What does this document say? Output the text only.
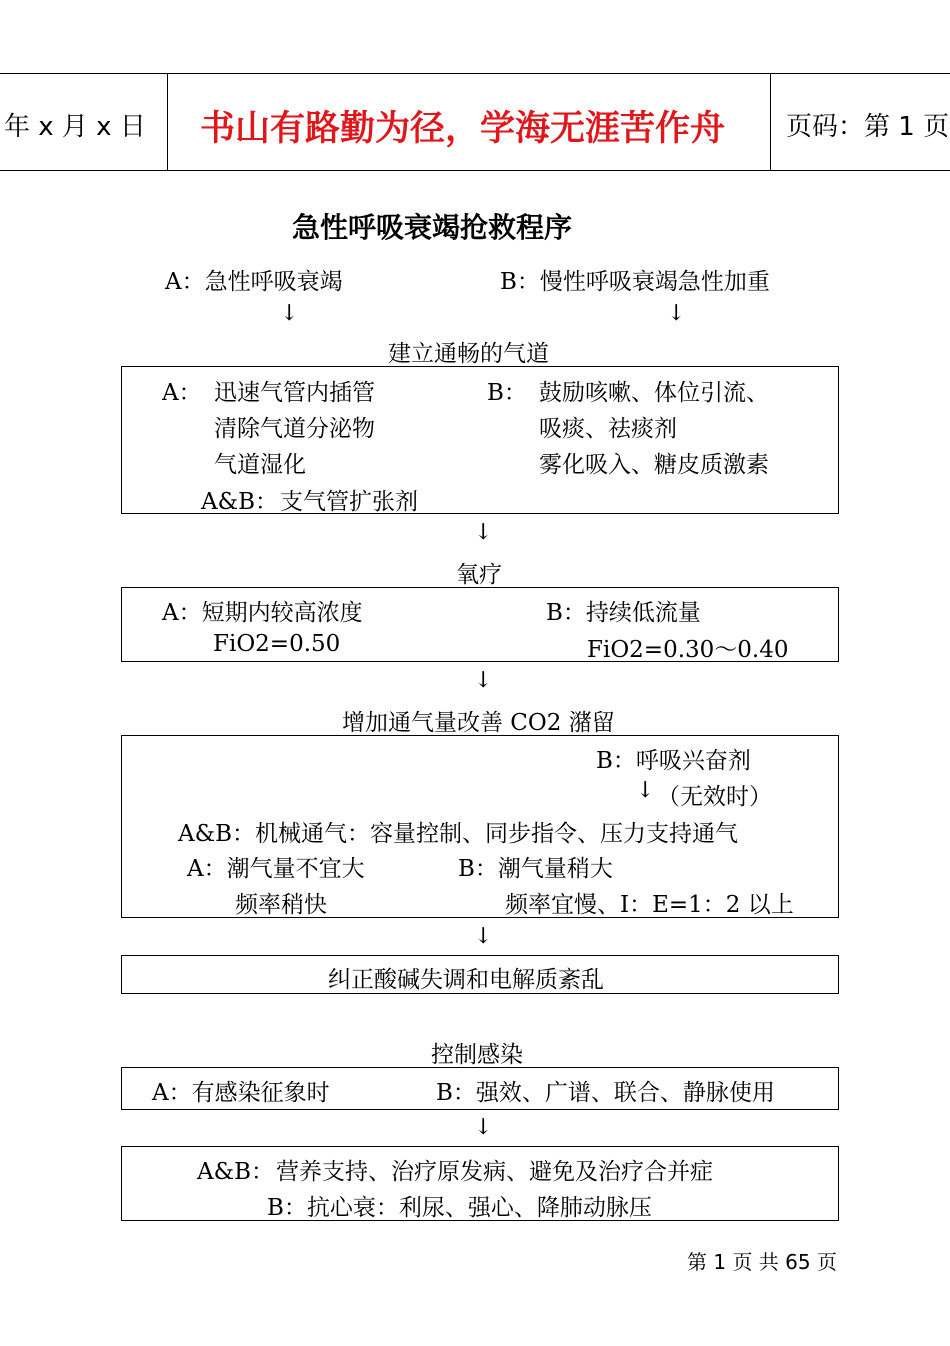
年 x 月 x 日 书山有路勤为径，学海无涯苦作舟 页码：第 1 页
急性呼吸衰竭抢救程序
A：急性呼吸衰竭	B：慢性呼吸衰竭急性加重
↓	↓
建立通畅的气道
A： 迅速气管内插管
清除气道分泌物
气道湿化
B： 鼓励咳嗽、体位引流、
吸痰、祛痰剂
雾化吸入、糖皮质激素
A&B： 支气管扩张剂
↓
氧疗
A：短期内较高浓度
FiO2=0.50
B：持续低流量
FiO2=0.30～0.40
↓
增加通气量改善 CO2 潴留
B：呼吸兴奋剂
↓ （无效时）
A&B：机械通气：容量控制、同步指令、压力支持通气
A：潮气量不宜大
频率稍快
B：潮气量稍大
频率宜慢、I：E=1：2 以上
↓
纠正酸碱失调和电解质紊乱
控制感染
A：有感染征象时	B：强效、广谱、联合、静脉使用
↓
A&B： 营养支持、治疗原发病、避免及治疗合并症
B：抗心衰：利尿、强心、降肺动脉压
第 1 页 共 65 页
